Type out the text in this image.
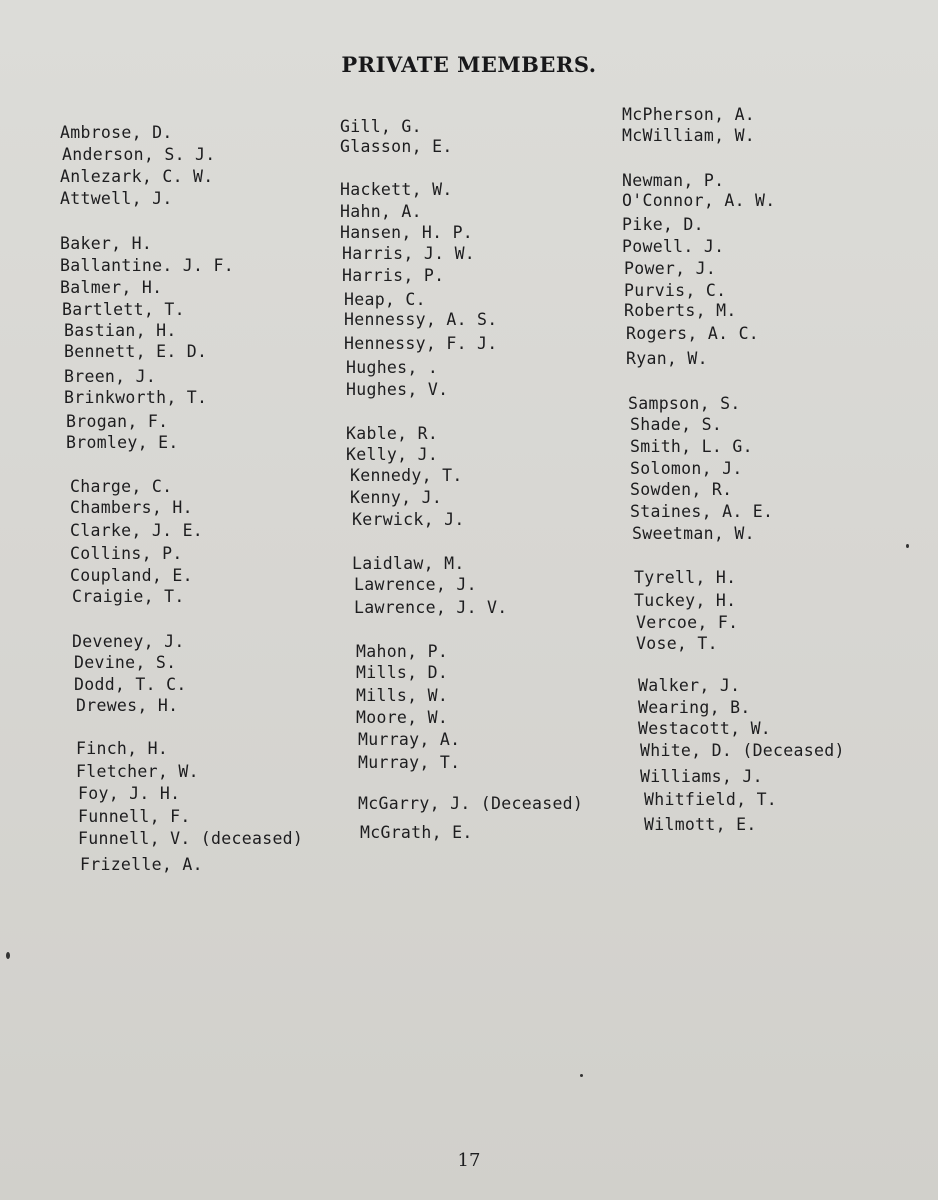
PRIVATE MEMBERS.
Ambrose, D.
Anderson, S. J.
Anlezark, C. W.
Attwell, J.
Baker, H.
Ballantine. J. F.
Balmer, H.
Bartlett, T.
Bastian, H.
Bennett, E. D.
Breen, J.
Brinkworth, T.
Brogan, F.
Bromley, E.
Charge, C.
Chambers, H.
Clarke, J. E.
Collins, P.
Coupland, E.
Craigie, T.
Deveney, J.
Devine, S.
Dodd, T. C.
Drewes, H.
Finch, H.
Fletcher, W.
Foy, J. H.
Funnell, F.
Funnell, V. (deceased)
Frizelle, A.
Gill, G.
Glasson, E.
Hackett, W.
Hahn, A.
Hansen, H. P.
Harris, J. W.
Harris, P.
Heap, C.
Hennessy, A. S.
Hennessy, F. J.
Hughes, .
Hughes, V.
Kable, R.
Kelly, J.
Kennedy, T.
Kenny, J.
Kerwick, J.
Laidlaw, M.
Lawrence, J.
Lawrence, J. V.
Mahon, P.
Mills, D.
Mills, W.
Moore, W.
Murray, A.
Murray, T.
McGarry, J. (Deceased)
McGrath, E.
McPherson, A.
McWilliam, W.
Newman, P.
O'Connor, A. W.
Pike, D.
Powell. J.
Power, J.
Purvis, C.
Roberts, M.
Rogers, A. C.
Ryan, W.
Sampson, S.
Shade, S.
Smith, L. G.
Solomon, J.
Sowden, R.
Staines, A. E.
Sweetman, W.
Tyrell, H.
Tuckey, H.
Vercoe, F.
Vose, T.
Walker, J.
Wearing, B.
Westacott, W.
White, D. (Deceased)
Williams, J.
Whitfield, T.
Wilmott, E.
17
